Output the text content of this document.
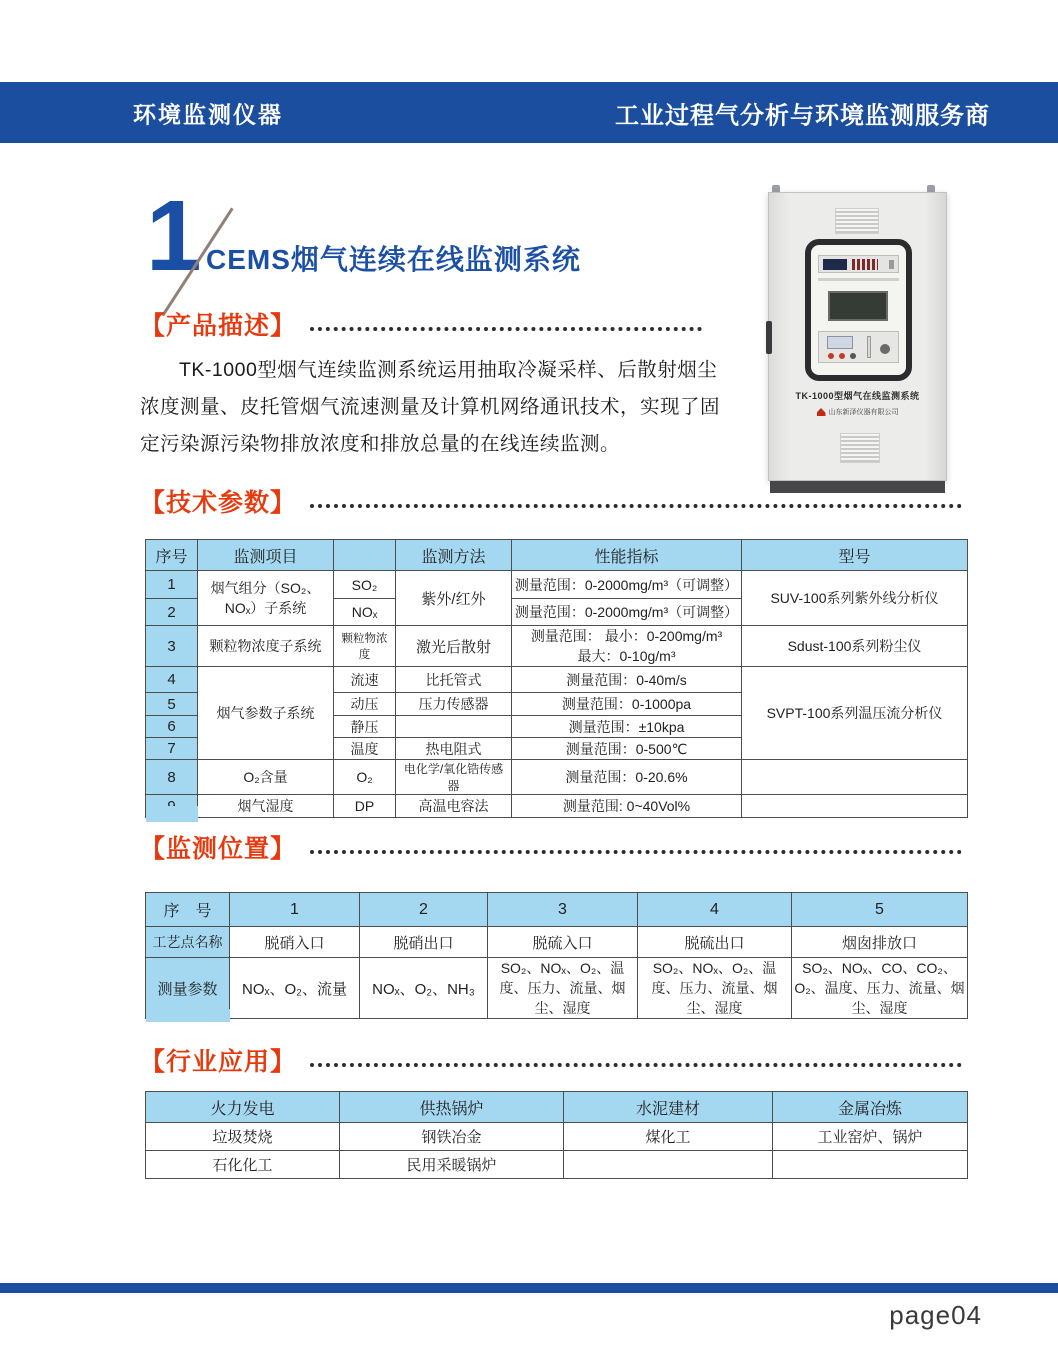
环境监测仪器	工业过程气分析与环境监测服务商
1 CEMS烟气连续在线监测系统
TK-1000型烟气在线监测系统
山东新泽仪器有限公司
【产品描述】
TK-1000型烟气连续监测系统运用抽取冷凝采样、后散射烟尘浓度测量、皮托管烟气流速测量及计算机网络通讯技术，实现了固定污染源污染物排放浓度和排放总量的在线连续监测。
【技术参数】
序号	监测项目		监测方法	性能指标	型号
1	烟气组分（SO₂、NOₓ）子系统	SO₂	紫外/红外	测量范围：0-2000mg/m³（可调整）	SUV-100系列紫外线分析仪
2		NOₓ		测量范围：0-2000mg/m³（可调整）	
3	颗粒物浓度子系统	颗粒物浓度	激光后散射	测量范围： 最小：0-200mg/m³
最大：0-10g/m³	Sdust-100系列粉尘仪
4	烟气参数子系统	流速	比托管式	测量范围：0-40m/s	SVPT-100系列温压流分析仪
5		动压	压力传感器	测量范围：0-1000pa	
6		静压		测量范围：±10kpa	
7		温度	热电阻式	测量范围：0-500℃	
8	O₂含量	O₂	电化学/氧化锆传感器	测量范围：0-20.6%	
	烟气湿度	DP	高温电容法	测量范围: 0~40Vol%	
【监测位置】
序　号	1	2	3	4	5
工艺点名称	脱硝入口	脱硝出口	脱硫入口	脱硫出口	烟囱排放口
测量参数	NOₓ、O₂、流量	NOₓ、O₂、NH₃	SO₂、NOₓ、O₂、温度、压力、流量、烟尘、湿度	SO₂、NOₓ、O₂、温度、压力、流量、烟尘、湿度	SO₂、NOₓ、CO、CO₂、O₂、温度、压力、流量、烟尘、湿度
【行业应用】
火力发电	供热锅炉	水泥建材	金属冶炼
垃圾焚烧	钢铁冶金	煤化工	工业窑炉、锅炉
石化化工	民用采暖锅炉		
page04
